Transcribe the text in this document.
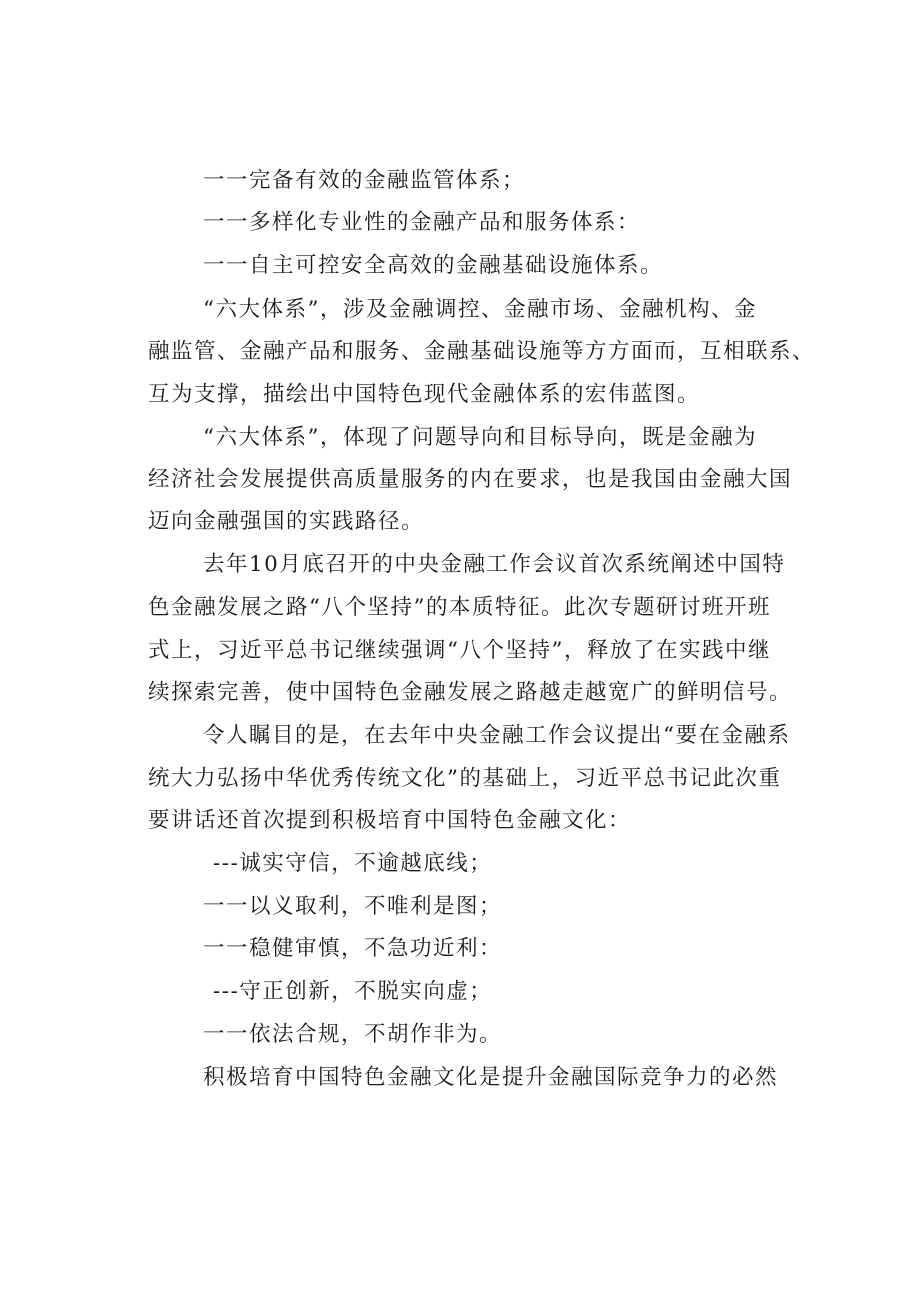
一一完备有效的金融监管体系；
一一多样化专业性的金融产品和服务体系：
一一自主可控安全高效的金融基础设施体系。
“六大体系”，涉及金融调控、金融市场、金融机构、金
融监管、金融产品和服务、金融基础设施等方方面而，互相联系、
互为支撑，描绘出中国特色现代金融体系的宏伟蓝图。
“六大体系”，体现了问题导向和目标导向，既是金融为
经济社会发展提供高质量服务的内在要求，也是我国由金融大国
迈向金融强国的实践路径。
去年10月底召开的中央金融工作会议首次系统阐述中国特
色金融发展之路“八个坚持”的本质特征。此次专题研讨班开班
式上，习近平总书记继续强调“八个坚持”，释放了在实践中继
续探索完善，使中国特色金融发展之路越走越宽广的鲜明信号。
令人瞩目的是，在去年中央金融工作会议提出“要在金融系
统大力弘扬中华优秀传统文化”的基础上，习近平总书记此次重
要讲话还首次提到积极培育中国特色金融文化：
---诚实守信，不逾越底线；
一一以义取利，不唯利是图；
一一稳健审慎，不急功近利：
---守正创新，不脱实向虚；
一一依法合规，不胡作非为。
积极培育中国特色金融文化是提升金融国际竞争力的必然
